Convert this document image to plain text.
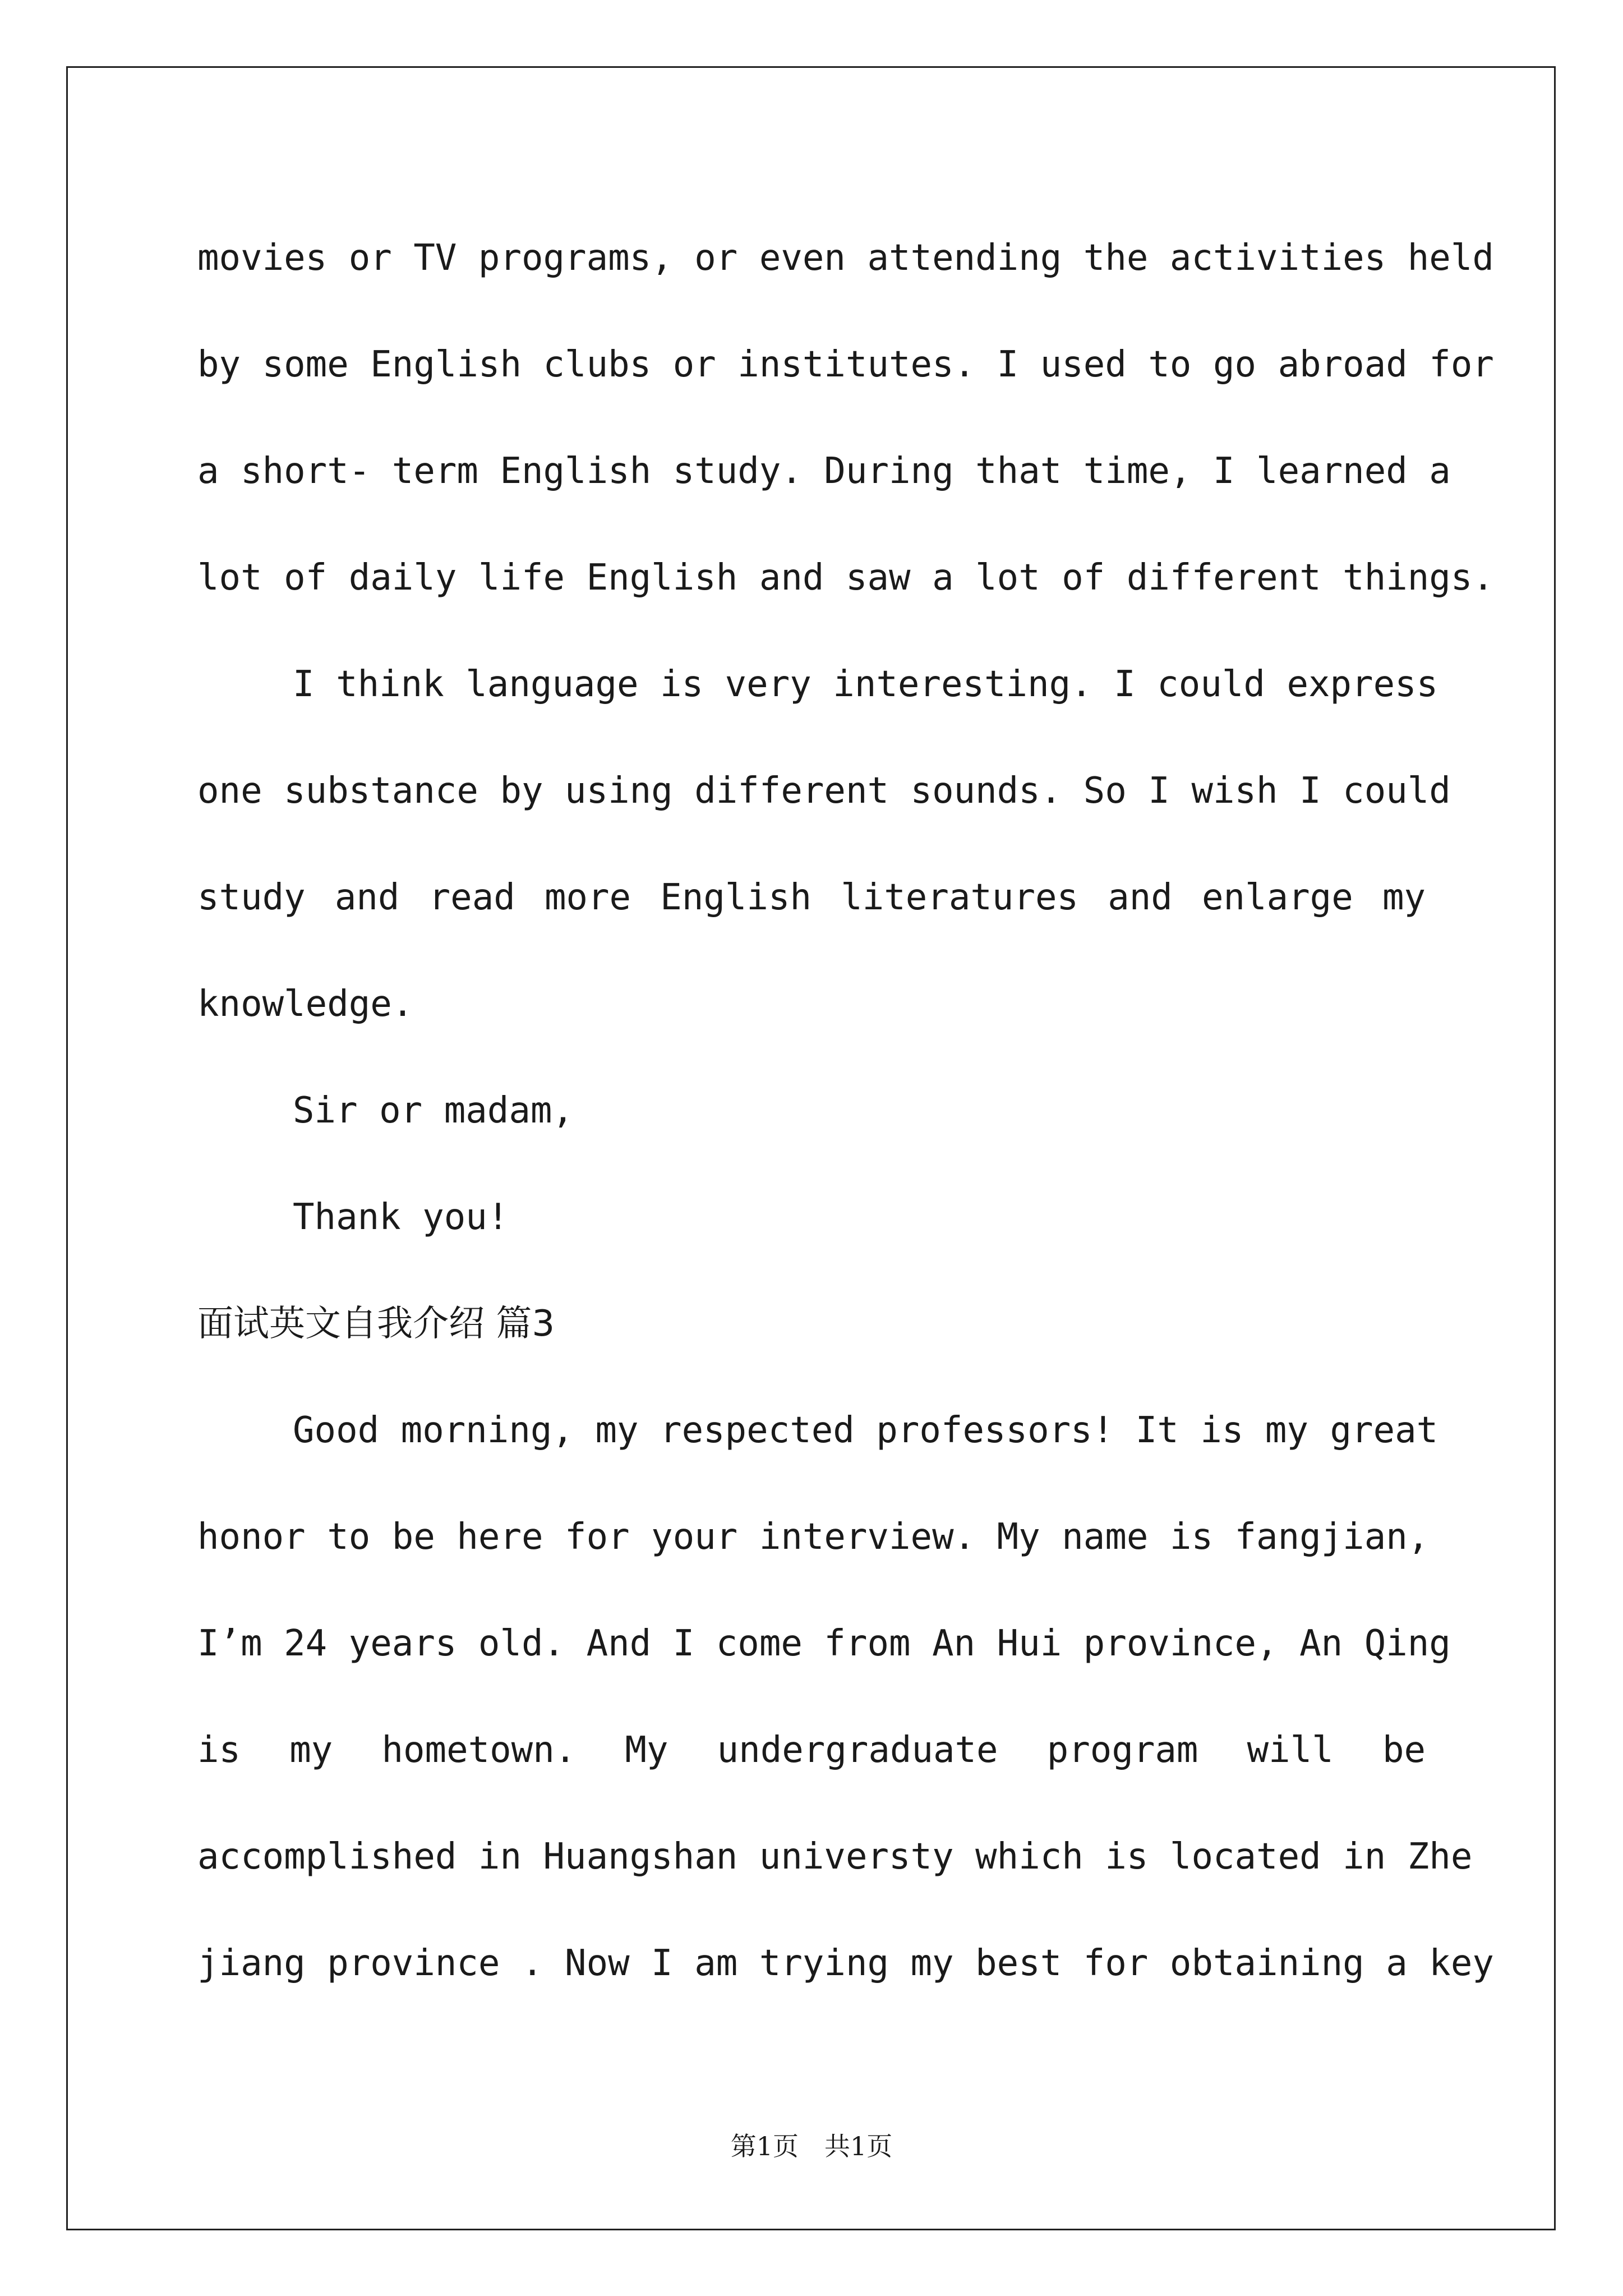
movies or TV programs, or even attending the activities held
by some English clubs or institutes. I used to go abroad for
a short- term English study. During that time, I learned a
lot of daily life English and saw a lot of different things.
I think language is very interesting. I could express
one substance by using different sounds. So I wish I could
study and read more English literatures and enlarge my
knowledge.
Sir or madam,
Thank you!
面试英文自我介绍 篇3
Good morning, my respected professors! It is my great
honor to be here for your interview. My name is fangjian,
I’m 24 years old. And I come from An Hui province, An Qing
is my hometown. My undergraduate program will be
accomplished in Huangshan universty which is located in Zhe
jiang province . Now I am trying my best for obtaining a key
第1页　共1页
